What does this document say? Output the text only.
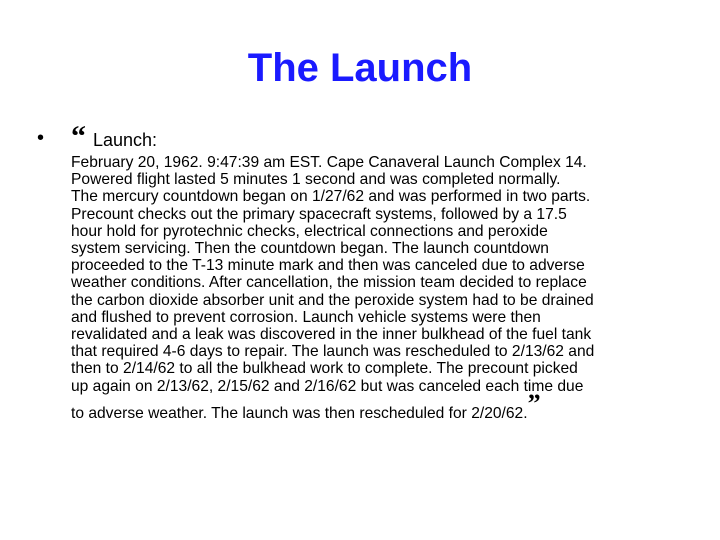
The Launch
• “ Launch:
February 20, 1962. 9:47:39 am EST. Cape Canaveral Launch Complex 14.
Powered flight lasted 5 minutes 1 second and was completed normally.
The mercury countdown began on 1/27/62 and was performed in two parts.
Precount checks out the primary spacecraft systems, followed by a 17.5
hour hold for pyrotechnic checks, electrical connections and peroxide
system servicing. Then the countdown began. The launch countdown
proceeded to the T-13 minute mark and then was canceled due to adverse
weather conditions. After cancellation, the mission team decided to replace
the carbon dioxide absorber unit and the peroxide system had to be drained
and flushed to prevent corrosion. Launch vehicle systems were then
revalidated and a leak was discovered in the inner bulkhead of the fuel tank
that required 4-6 days to repair. The launch was rescheduled to 2/13/62 and
then to 2/14/62 to all the bulkhead work to complete. The precount picked
up again on 2/13/62, 2/15/62 and 2/16/62 but was canceled each time due
to adverse weather. The launch was then rescheduled for 2/20/62.”
